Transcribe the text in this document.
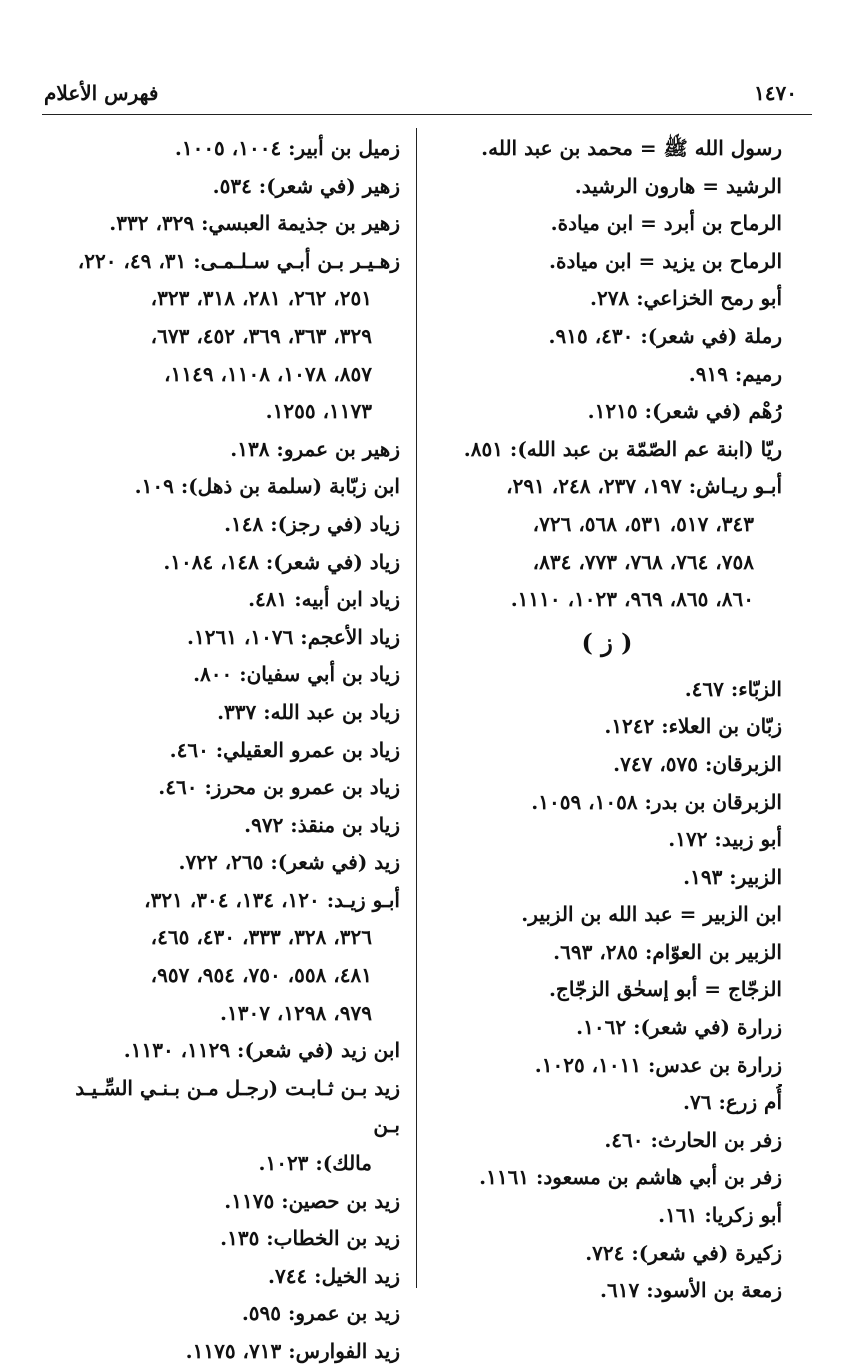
١٤٧٠
فهرس الأعلام
رسول الله ﷺ = محمد بن عبد الله.
الرشيد = هارون الرشيد.
الرماح بن أبرد = ابن ميادة.
الرماح بن يزيد = ابن ميادة.
أبو رمح الخزاعي: ٢٧٨.
رملة (في شعر): ٤٣٠، ٩١٥.
رميم: ٩١٩.
رُهْم (في شعر): ١٢١٥.
ريّا (ابنة عم الصّمّة بن عبد الله): ٨٥١.
أبـو ريـاش: ١٩٧، ٢٣٧، ٢٤٨، ٢٩١،
٣٤٣، ٥١٧، ٥٣١، ٥٦٨، ٧٢٦،
٧٥٨، ٧٦٤، ٧٦٨، ٧٧٣، ٨٣٤،
٨٦٠، ٨٦٥، ٩٦٩، ١٠٢٣، ١١١٠.
( ز )
الزبّاء: ٤٦٧.
زبّان بن العلاء: ١٢٤٢.
الزبرقان: ٥٧٥، ٧٤٧.
الزبرقان بن بدر: ١٠٥٨، ١٠٥٩.
أبو زبيد: ١٧٢.
الزبير: ١٩٣.
ابن الزبير = عبد الله بن الزبير.
الزبير بن العوّام: ٢٨٥، ٦٩٣.
الزجّاج = أبو إسحٰق الزجّاج.
زرارة (في شعر): ١٠٦٢.
زرارة بن عدس: ١٠١١، ١٠٢٥.
أُم زرع: ٧٦.
زفر بن الحارث: ٤٦٠.
زفر بن أبي هاشم بن مسعود: ١١٦١.
أبو زكريا: ١٦١.
زكيرة (في شعر): ٧٢٤.
زمعة بن الأسود: ٦١٧.
زميل بن أبير: ١٠٠٤، ١٠٠٥.
زهير (في شعر): ٥٣٤.
زهير بن جذيمة العبسي: ٣٢٩، ٣٣٢.
زهـيـر بـن أبـي سـلـمـى: ٣١، ٤٩، ٢٢٠،
٢٥١، ٢٦٢، ٢٨١، ٣١٨، ٣٢٣،
٣٢٩، ٣٦٣، ٣٦٩، ٤٥٢، ٦٧٣،
٨٥٧، ١٠٧٨، ١١٠٨، ١١٤٩،
١١٧٣، ١٢٥٥.
زهير بن عمرو: ١٣٨.
ابن زبّابة (سلمة بن ذهل): ١٠٩.
زياد (في رجز): ١٤٨.
زياد (في شعر): ١٤٨، ١٠٨٤.
زياد ابن أبيه: ٤٨١.
زياد الأعجم: ١٠٧٦، ١٢٦١.
زياد بن أبي سفيان: ٨٠٠.
زياد بن عبد الله: ٣٣٧.
زياد بن عمرو العقيلي: ٤٦٠.
زياد بن عمرو بن محرز: ٤٦٠.
زياد بن منقذ: ٩٧٢.
زيد (في شعر): ٢٦٥، ٧٢٢.
أبـو زيـد: ١٢٠، ١٣٤، ٣٠٤، ٣٢١،
٣٢٦، ٣٢٨، ٣٣٣، ٤٣٠، ٤٦٥،
٤٨١، ٥٥٨، ٧٥٠، ٩٥٤، ٩٥٧،
٩٧٩، ١٢٩٨، ١٣٠٧.
ابن زيد (في شعر): ١١٢٩، ١١٣٠.
زيد بـن ثـابـت (رجـل مـن بـنـي السِّـيـد بـن
مالك): ١٠٢٣.
زيد بن حصين: ١١٧٥.
زيد بن الخطاب: ١٣٥.
زيد الخيل: ٧٤٤.
زيد بن عمرو: ٥٩٥.
زيد الفوارس: ٧١٣، ١١٧٥.
